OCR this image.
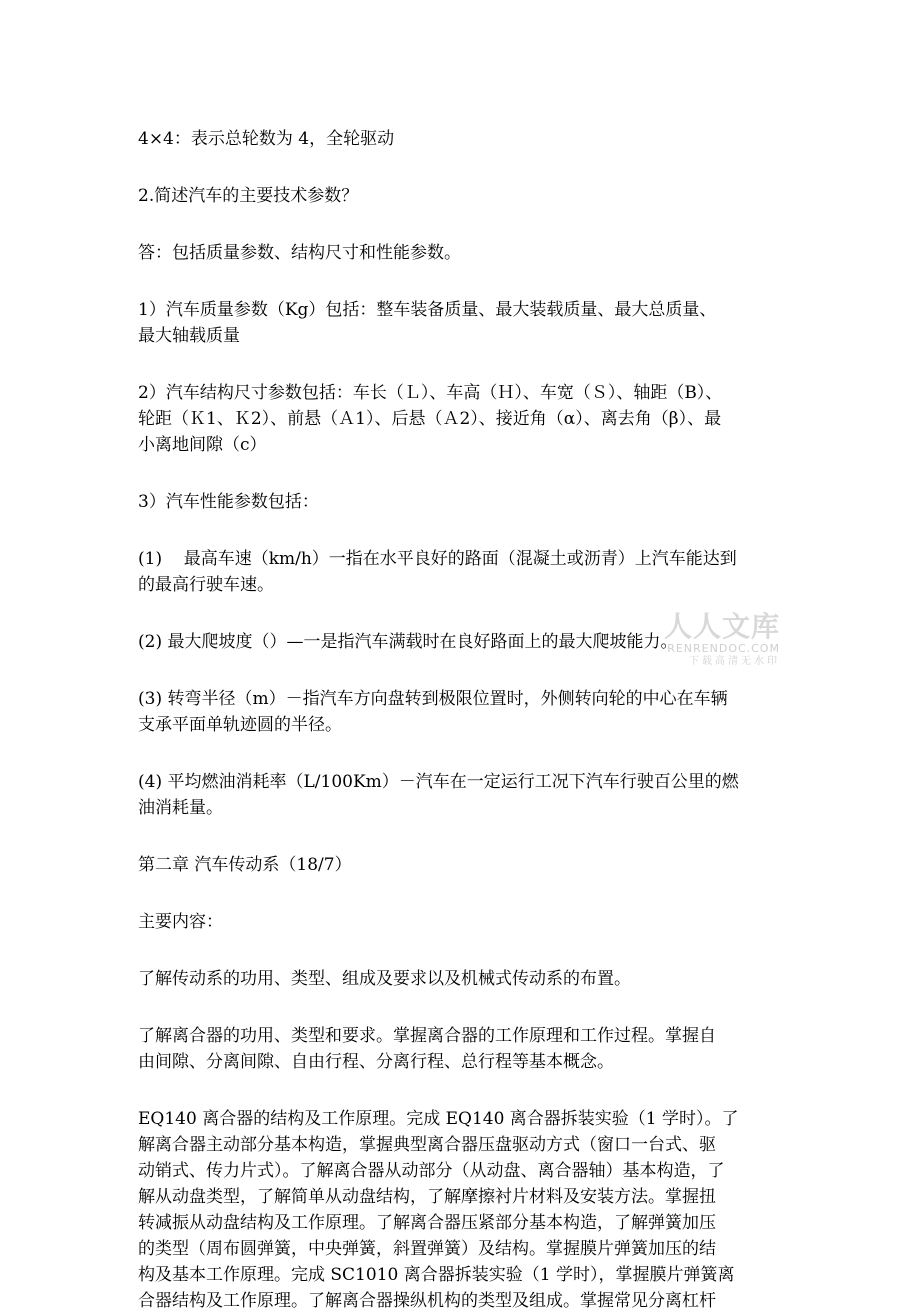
4×4：表示总轮数为 4，全轮驱动

2.简述汽车的主要技术参数？

答：包括质量参数、结构尺寸和性能参数。

1）汽车质量参数（Kg）包括：整车装备质量、最大装载质量、最大总质量、
最大轴载质量

2）汽车结构尺寸参数包括：车长（Ｌ）、车高（Ｈ）、车宽（Ｓ）、轴距（B）、
轮距（Ｋ1、Ｋ2）、前悬（Ａ1）、后悬（Ａ2）、接近角（α）、离去角（β）、最
小离地间隙（c）

3）汽车性能参数包括：

(1)    最高车速（km/h）一指在水平良好的路面（混凝土或沥青）上汽车能达到
的最高行驶车速。

(2) 最大爬坡度（）—一是指汽车满载时在良好路面上的最大爬坡能力。

(3) 转弯半径（m）－指汽车方向盘转到极限位置时，外侧转向轮的中心在车辆
支承平面单轨迹圆的半径。

(4) 平均燃油消耗率（L/100Km）－汽车在一定运行工况下汽车行驶百公里的燃
油消耗量。

第二章 汽车传动系（18/7）

主要内容：

了解传动系的功用、类型、组成及要求以及机械式传动系的布置。

了解离合器的功用、类型和要求。掌握离合器的工作原理和工作过程。掌握自
由间隙、分离间隙、自由行程、分离行程、总行程等基本概念。

EQ140 离合器的结构及工作原理。完成 EQ140 离合器拆装实验（1 学时）。了
解离合器主动部分基本构造，掌握典型离合器压盘驱动方式（窗口一台式、驱
动销式、传力片式）。了解离合器从动部分（从动盘、离合器轴）基本构造，了
解从动盘类型，了解简单从动盘结构，了解摩擦衬片材料及安装方法。掌握扭
转减振从动盘结构及工作原理。了解离合器压紧部分基本构造，了解弹簧加压
的类型（周布圆弹簧，中央弹簧，斜置弹簧）及结构。掌握膜片弹簧加压的结
构及基本工作原理。完成 SC1010 离合器拆装实验（1 学时），掌握膜片弹簧离
合器结构及工作原理。了解离合器操纵机构的类型及组成。掌握常见分离杠杆

人人文库
RENRENDOC.COM
下载高清无水印
